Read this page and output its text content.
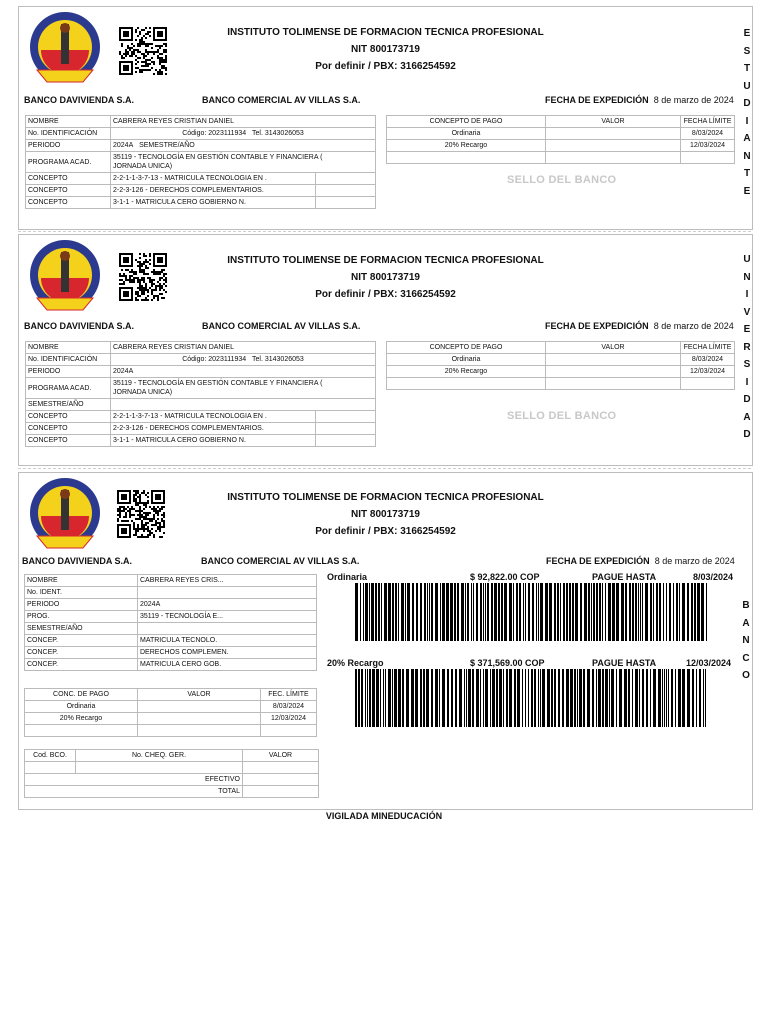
INSTITUTO TOLIMENSE DE FORMACION TECNICA PROFESIONAL
NIT 800173719
Por definir / PBX: 3166254592
BANCO DAVIVIENDA S.A.	BANCO COMERCIAL AV VILLAS S.A.	FECHA DE EXPEDICIÓN 8 de marzo de 2024
NOMBRE	CABRERA REYES CRISTIAN DANIEL	
No. IDENTIFICACIÓN	Código: 2023111934 Tel. 3143026053	
PERIODO	2024A SEMESTRE/AÑO	
PROGRAMA ACAD.	35119 - TECNOLOGÍA EN GESTIÓN CONTABLE Y FINANCIERA (
JORNADA UNICA)	
CONCEPTO	2-2-1-1-3-7-13 - MATRICULA TECNOLOGIA EN .	
CONCEPTO	2-2-3-126 - DERECHOS COMPLEMENTARIOS.	
CONCEPTO	3-1-1 - MATRICULA CERO GOBIERNO N.	
CONCEPTO DE PAGO	VALOR	FECHA LÍMITE
Ordinaria		8/03/2024
20% Recargo		12/03/2024

SELLO DEL BANCO
E
S
T
U
D
I
A
N
T
E
INSTITUTO TOLIMENSE DE FORMACION TECNICA PROFESIONAL
NIT 800173719
Por definir / PBX: 3166254592
BANCO DAVIVIENDA S.A.	BANCO COMERCIAL AV VILLAS S.A.	FECHA DE EXPEDICIÓN 8 de marzo de 2024
NOMBRE	CABRERA REYES CRISTIAN DANIEL	
No. IDENTIFICACIÓN	Código: 2023111934 Tel. 3143026053	
PERIODO	2024A	
PROGRAMA ACAD.	35119 - TECNOLOGÍA EN GESTIÓN CONTABLE Y FINANCIERA (
JORNADA UNICA)	
SEMESTRE/AÑO		
CONCEPTO	2-2-1-1-3-7-13 - MATRICULA TECNOLOGIA EN .	
CONCEPTO	2-2-3-126 - DERECHOS COMPLEMENTARIOS.	
CONCEPTO	3-1-1 - MATRICULA CERO GOBIERNO N.	
CONCEPTO DE PAGO	VALOR	FECHA LÍMITE
Ordinaria		8/03/2024
20% Recargo		12/03/2024

SELLO DEL BANCO
U
N
I
V
E
R
S
I
D
A
D
INSTITUTO TOLIMENSE DE FORMACION TECNICA PROFESIONAL
NIT 800173719
Por definir / PBX: 3166254592
BANCO DAVIVIENDA S.A.	BANCO COMERCIAL AV VILLAS S.A.	FECHA DE EXPEDICIÓN 8 de marzo de 2024
NOMBRE	CABRERA REYES CRIS...
No. IDENT.	
PERIODO	2024A
PROG.	35119 - TECNOLOGÍA E...
SEMESTRE/AÑO	
CONCEP.	MATRICULA TECNOLO.
CONCEP.	DERECHOS COMPLEMEN.
CONCEP.	MATRICULA CERO GOB.
CONC. DE PAGO	VALOR	FEC. LÍMITE
Ordinaria		8/03/2024
20% Recargo		12/03/2024

Cod. BCO.	No. CHEQ. GER.	VALOR

EFECTIVO		
TOTAL		
Ordinaria	$ 92,822.00 COP	PAGUE HASTA	8/03/2024
20% Recargo	$ 371,569.00 COP	PAGUE HASTA	12/03/2024
B
A
N
C
O
VIGILADA MINEDUCACIÓN
